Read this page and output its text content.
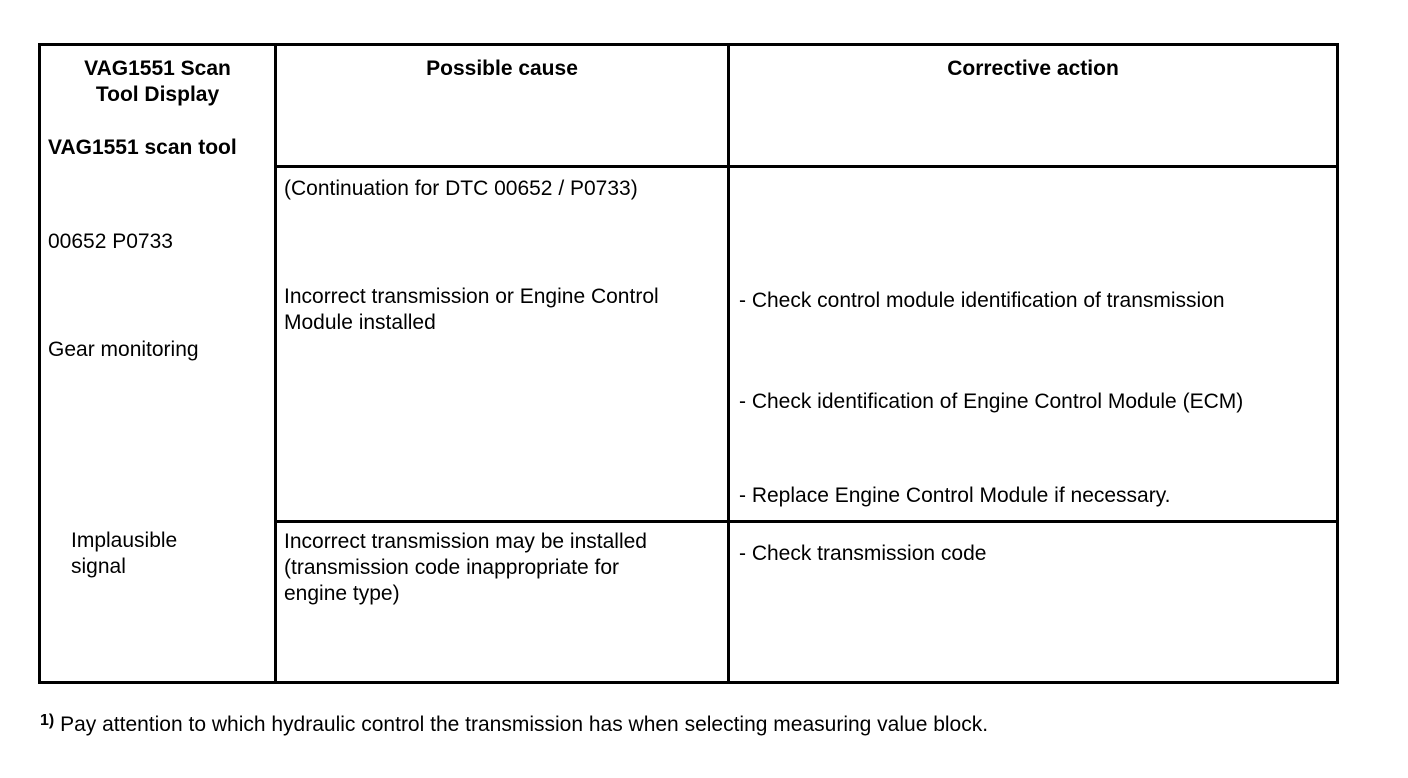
VAG1551 Scan
Tool Display
VAG1551 scan tool
Possible cause	Corrective action
00652 P0733
Gear monitoring
Implausible
signal
(Continuation for DTC 00652 / P0733)
Incorrect transmission or Engine Control
Module installed
- Check control module identification of transmission
- Check identification of Engine Control Module (ECM)
- Replace Engine Control Module if necessary.
Incorrect transmission may be installed
(transmission code inappropriate for
engine type)
- Check transmission code
$^{1)}$ Pay attention to which hydraulic control the transmission has when selecting measuring value block.
